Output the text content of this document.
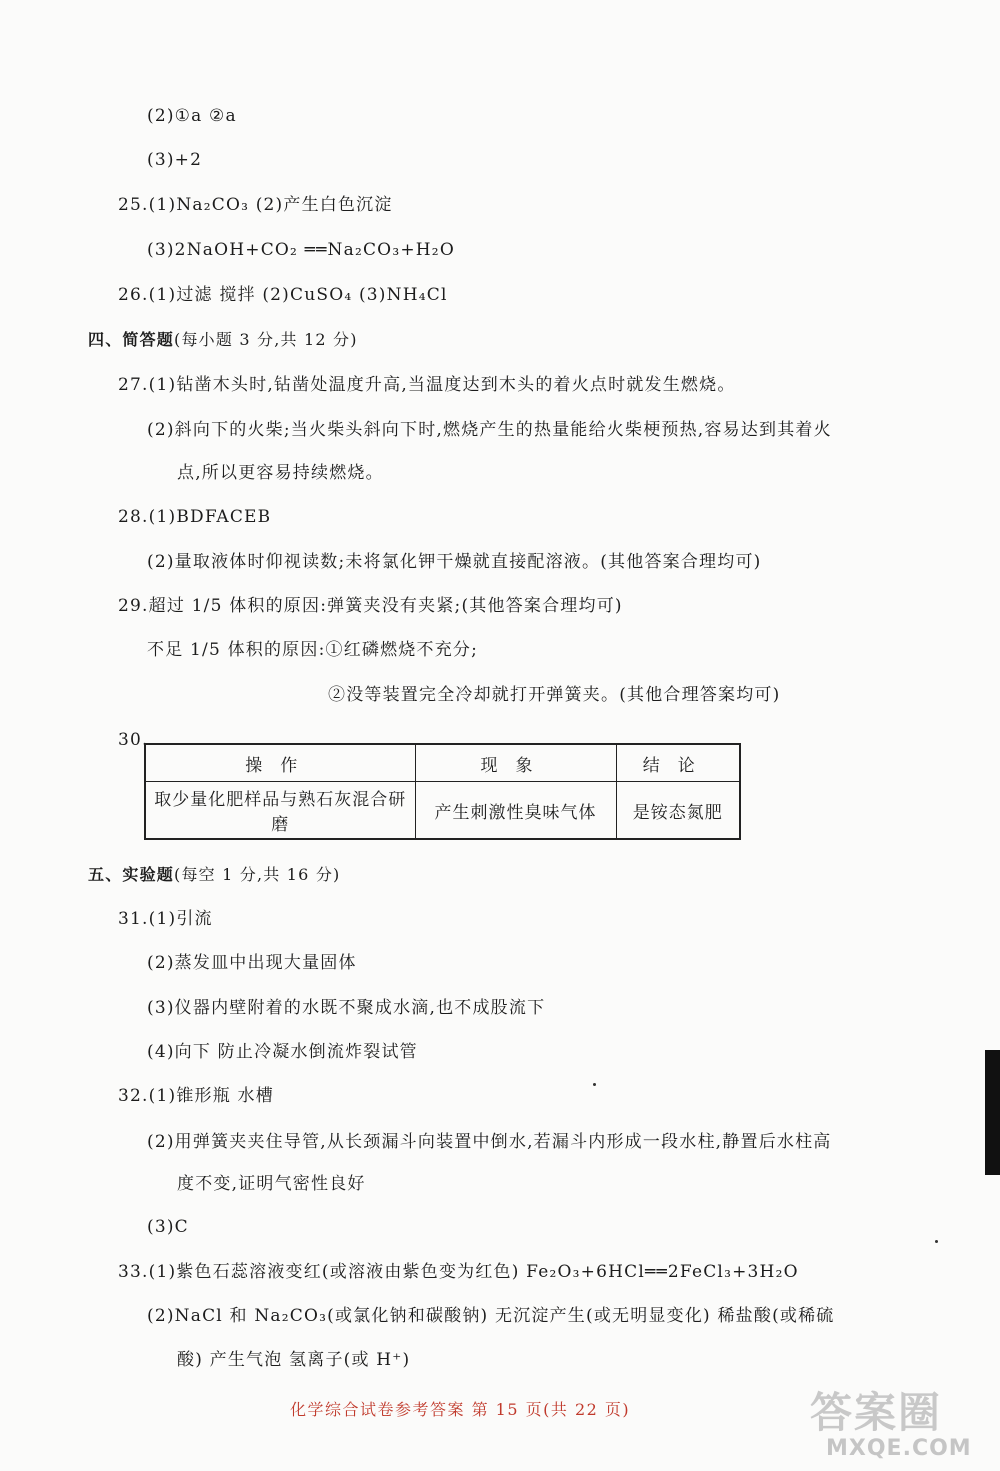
(2)①a ②a
(3)+2
25.(1)Na₂CO₃ (2)产生白色沉淀
(3)2NaOH+CO₂ ══Na₂CO₃+H₂O
26.(1)过滤 搅拌 (2)CuSO₄ (3)NH₄Cl
四、简答题(每小题 3 分,共 12 分)
27.(1)钻凿木头时,钻凿处温度升高,当温度达到木头的着火点时就发生燃烧。
(2)斜向下的火柴;当火柴头斜向下时,燃烧产生的热量能给火柴梗预热,容易达到其着火
点,所以更容易持续燃烧。
28.(1)BDFACEB
(2)量取液体时仰视读数;未将氯化钾干燥就直接配溶液。(其他答案合理均可)
29.超过 1/5 体积的原因:弹簧夹没有夹紧;(其他答案合理均可)
不足 1/5 体积的原因:①红磷燃烧不充分;
②没等装置完全冷却就打开弹簧夹。(其他合理答案均可)
30.
操作	现象	结论
取少量化肥样品与熟石灰混合研磨	产生刺激性臭味气体	是铵态氮肥
五、实验题(每空 1 分,共 16 分)
31.(1)引流
(2)蒸发皿中出现大量固体
(3)仪器内壁附着的水既不聚成水滴,也不成股流下
(4)向下 防止冷凝水倒流炸裂试管
32.(1)锥形瓶 水槽
(2)用弹簧夹夹住导管,从长颈漏斗向装置中倒水,若漏斗内形成一段水柱,静置后水柱高
度不变,证明气密性良好
(3)C
33.(1)紫色石蕊溶液变红(或溶液由紫色变为红色) Fe₂O₃+6HCl══2FeCl₃+3H₂O
(2)NaCl 和 Na₂CO₃(或氯化钠和碳酸钠) 无沉淀产生(或无明显变化) 稀盐酸(或稀硫
酸) 产生气泡 氢离子(或 H⁺)
化学综合试卷参考答案 第 15 页(共 22 页)	答案圈
MXQE.COM
